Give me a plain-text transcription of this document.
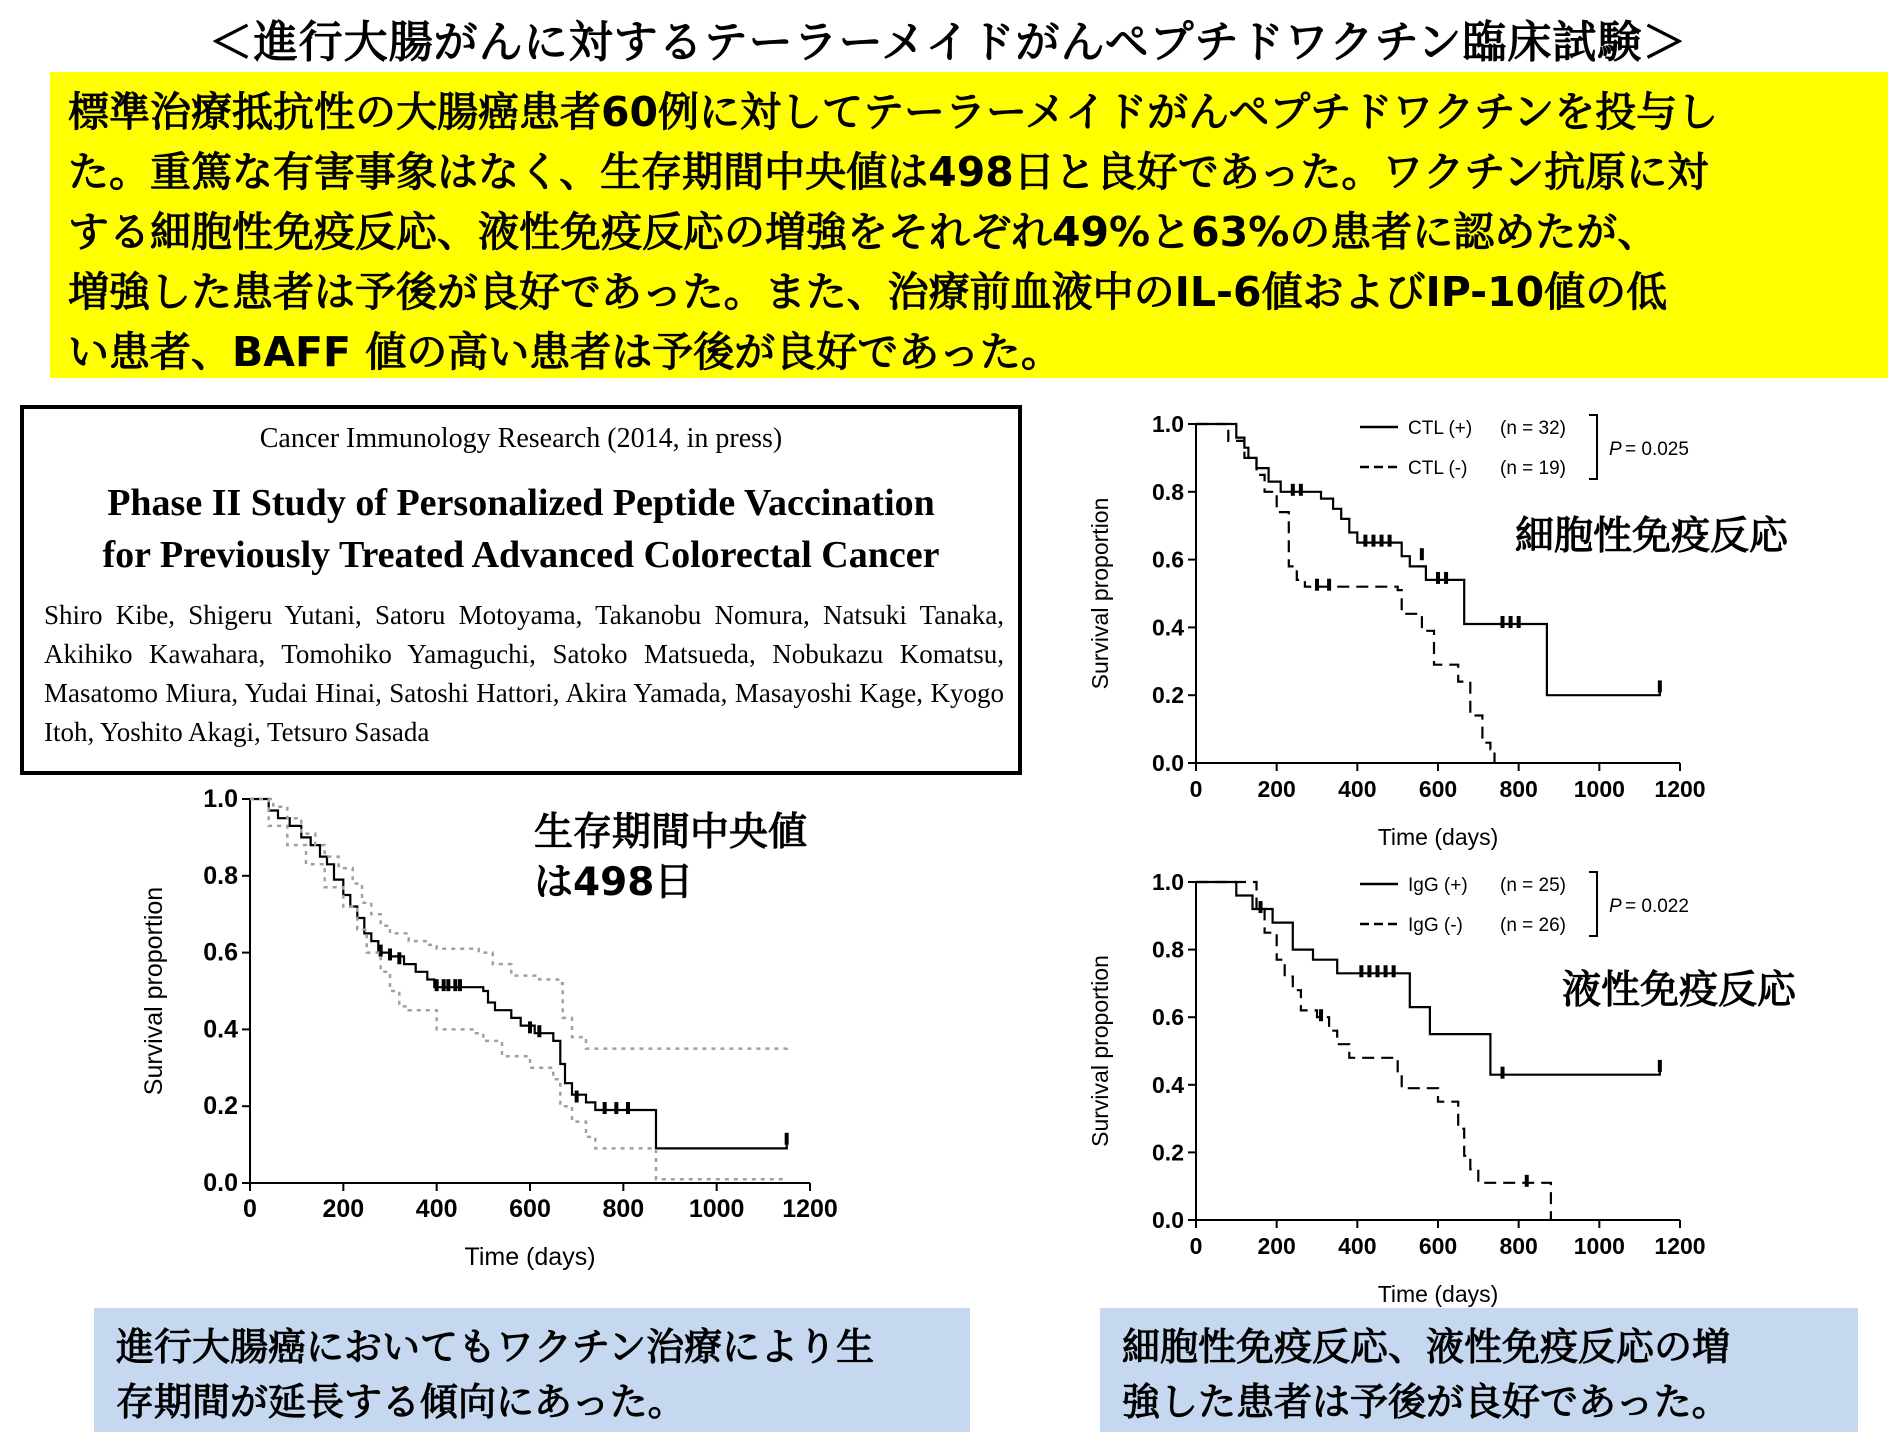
＜進行大腸がんに対するテーラーメイドがんペプチドワクチン臨床試験＞
標準治療抵抗性の大腸癌患者60例に対してテーラーメイドがんペプチドワクチンを投与し
た。重篤な有害事象はなく、生存期間中央値は498日と良好であった。ワクチン抗原に対
する細胞性免疫反応、液性免疫反応の増強をそれぞれ49%と63%の患者に認めたが、
増強した患者は予後が良好であった。また、治療前血液中のIL-6値およびIP-10値の低
い患者、BAFF 値の高い患者は予後が良好であった。
Cancer Immunology Research (2014, in press)
Phase II Study of Personalized Peptide Vaccination
for Previously Treated Advanced Colorectal Cancer
Shiro Kibe, Shigeru Yutani, Satoru Motoyama, Takanobu Nomura, Natsuki Tanaka, Akihiko Kawahara, Tomohiko Yamaguchi, Satoko Matsueda, Nobukazu Komatsu, Masatomo Miura, Yudai Hinai, Satoshi Hattori, Akira Yamada, Masayoshi Kage, Kyogo Itoh, Yoshito Akagi, Tetsuro Sasada
0	200 400 600 800 1000 1200
0.0
0.2
0.4
0.6
0.8
1.0
Time (days)
Survival proportion
0 200 400 600 800 1000 1200
0.0
0.2
0.4
0.6
0.8
1.0
Time (days)
Survival proportion
CTL (+) (n = 32)
CTL (-) (n = 19)
P = 0.025
0 200 400 600 800 1000 1200
0.0
0.2
0.4
0.6
0.8
1.0
Time (days)
Survival proportion
IgG (+) (n = 25)
IgG (-) (n = 26)
P = 0.022
生存期間中央値
は498日
細胞性免疫反応
液性免疫反応
進行大腸癌においてもワクチン治療により生
存期間が延長する傾向にあった。
細胞性免疫反応、液性免疫反応の増
強した患者は予後が良好であった。
